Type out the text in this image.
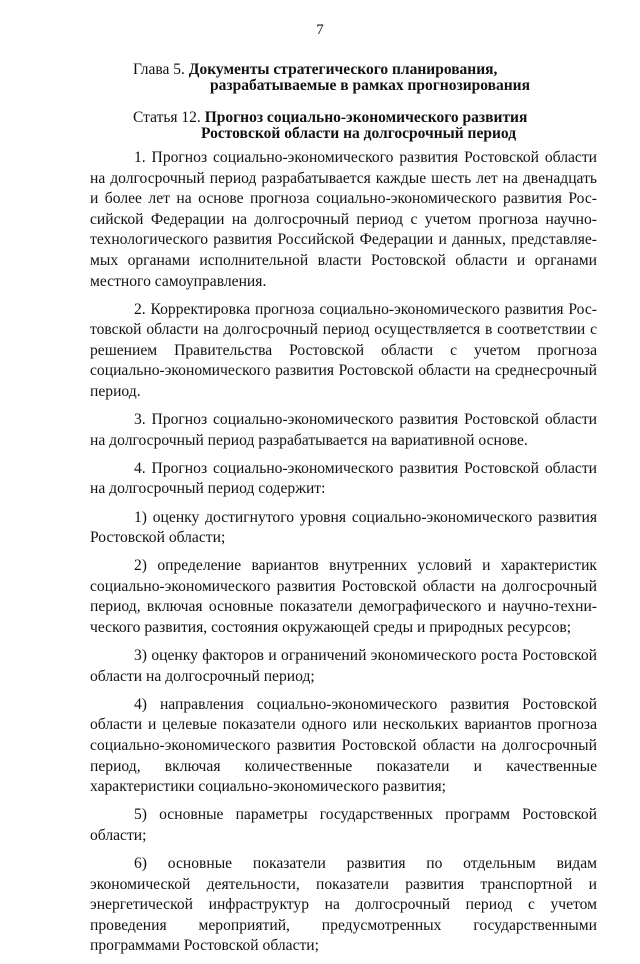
7
Глава 5. Документы стратегического планирования,
разрабатываемые в рамках прогнозирования
Статья 12. Прогноз социально-экономического развития
Ростовской области на долгосрочный период

1. Прогноз социально-экономического развития Ростовской области на долгосрочный период разрабатывается каждые шесть лет на двенадцать и более лет на основе прогноза социально-экономического развития Российской Федерации на долгосрочный период с учетом прогноза научно-технологического развития Российской Федерации и данных, представляемых органами исполнительной власти Ростовской области и органами местного самоуправления.

2. Корректировка прогноза социально-экономического развития Ростовской области на долгосрочный период осуществляется в соответствии с решением Правительства Ростовской области с учетом прогноза социально-экономического развития Ростовской области на среднесрочный период.

3. Прогноз социально-экономического развития Ростовской области на долгосрочный период разрабатывается на вариативной основе.

4. Прогноз социально-экономического развития Ростовской области на долгосрочный период содержит:

1) оценку достигнутого уровня социально-экономического развития Ростовской области;

2) определение вариантов внутренних условий и характеристик социально-экономического развития Ростовской области на долгосрочный период, включая основные показатели демографического и научно-технического развития, состояния окружающей среды и природных ресурсов;

3) оценку факторов и ограничений экономического роста Ростовской области на долгосрочный период;

4) направления социально-экономического развития Ростовской области и целевые показатели одного или нескольких вариантов прогноза социально-экономического развития Ростовской области на долгосрочный период, включая количественные показатели и качественные характеристики социально-экономического развития;

5) основные параметры государственных программ Ростовской области;

6) основные показатели развития по отдельным видам экономической деятельности, показатели развития транспортной и энергетической инфраструктур на долгосрочный период с учетом проведения мероприятий, предусмотренных государственными программами Ростовской области;
